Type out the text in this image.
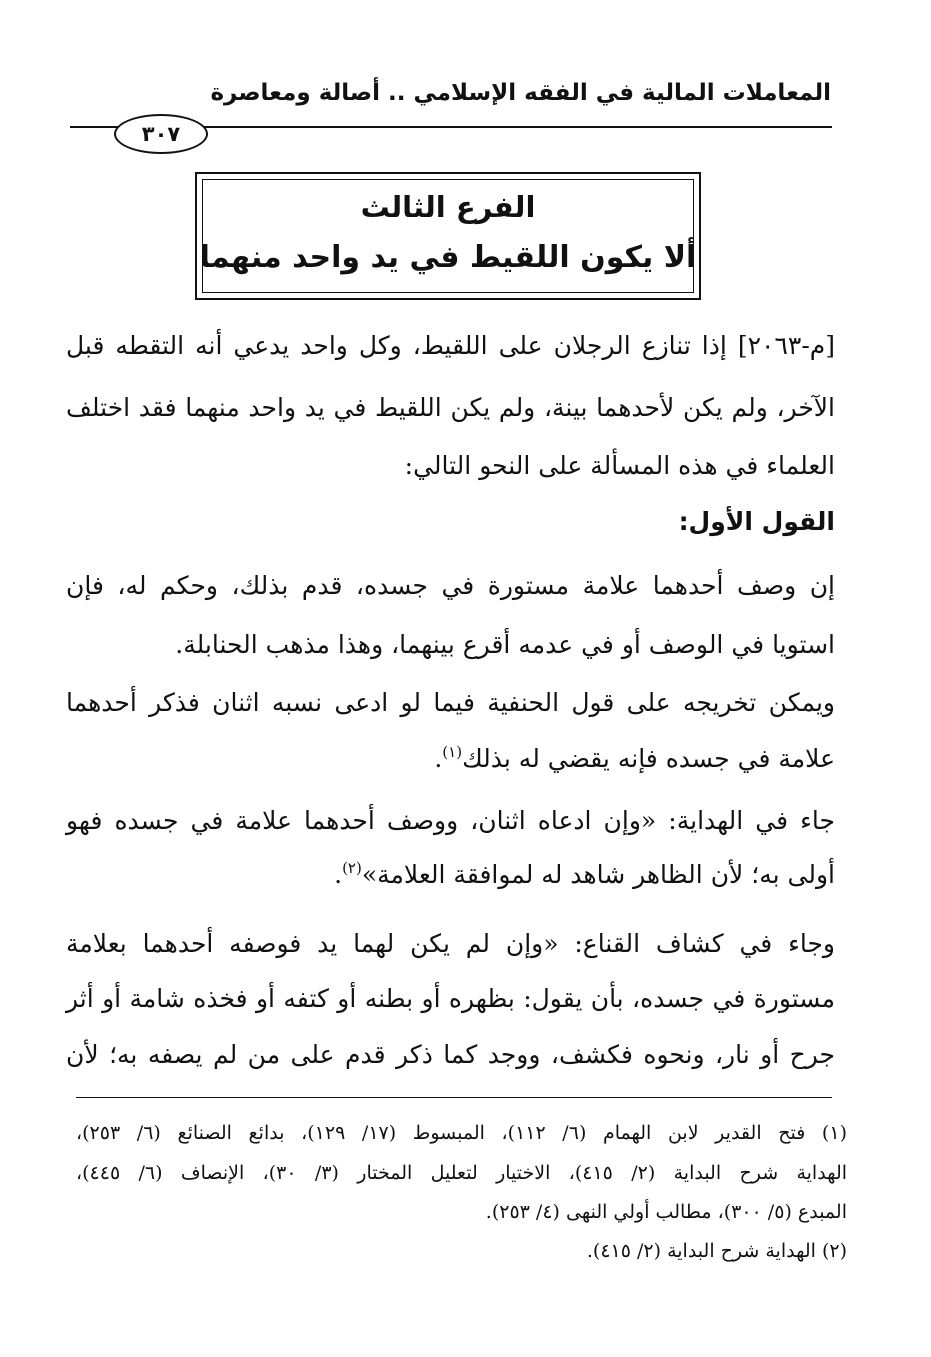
المعاملات المالية في الفقه الإسلامي .. أصالة ومعاصرة
٣٠٧
الفرع الثالث
ألا يكون اللقيط في يد واحد منهما
[م-٢٠٦٣] إذا تنازع الرجلان على اللقيط، وكل واحد يدعي أنه التقطه قبل
الآخر، ولم يكن لأحدهما بينة، ولم يكن اللقيط في يد واحد منهما فقد اختلف
العلماء في هذه المسألة على النحو التالي:
القول الأول:
إن وصف أحدهما علامة مستورة في جسده، قدم بذلك، وحكم له، فإن
استويا في الوصف أو في عدمه أقرع بينهما، وهذا مذهب الحنابلة.
ويمكن تخريجه على قول الحنفية فيما لو ادعى نسبه اثنان فذكر أحدهما
علامة في جسده فإنه يقضي له بذلك$^{(١)}$.
جاء في الهداية: «وإن ادعاه اثنان، ووصف أحدهما علامة في جسده فهو
أولى به؛ لأن الظاهر شاهد له لموافقة العلامة»$^{(٢)}$.
وجاء في كشاف القناع: «وإن لم يكن لهما يد فوصفه أحدهما بعلامة
مستورة في جسده، بأن يقول: بظهره أو بطنه أو كتفه أو فخذه شامة أو أثر
جرح أو نار، ونحوه فكشف، ووجد كما ذكر قدم على من لم يصفه به؛ لأن
(١) فتح القدير لابن الهمام (٦/ ١١٢)، المبسوط (١٧/ ١٢٩)، بدائع الصنائع (٦/ ٢٥٣)،
الهداية شرح البداية (٢/ ٤١٥)، الاختيار لتعليل المختار (٣/ ٣٠)، الإنصاف (٦/ ٤٤٥)،
المبدع (٥/ ٣٠٠)، مطالب أولي النهى (٤/ ٢٥٣).
(٢) الهداية شرح البداية (٢/ ٤١٥).
